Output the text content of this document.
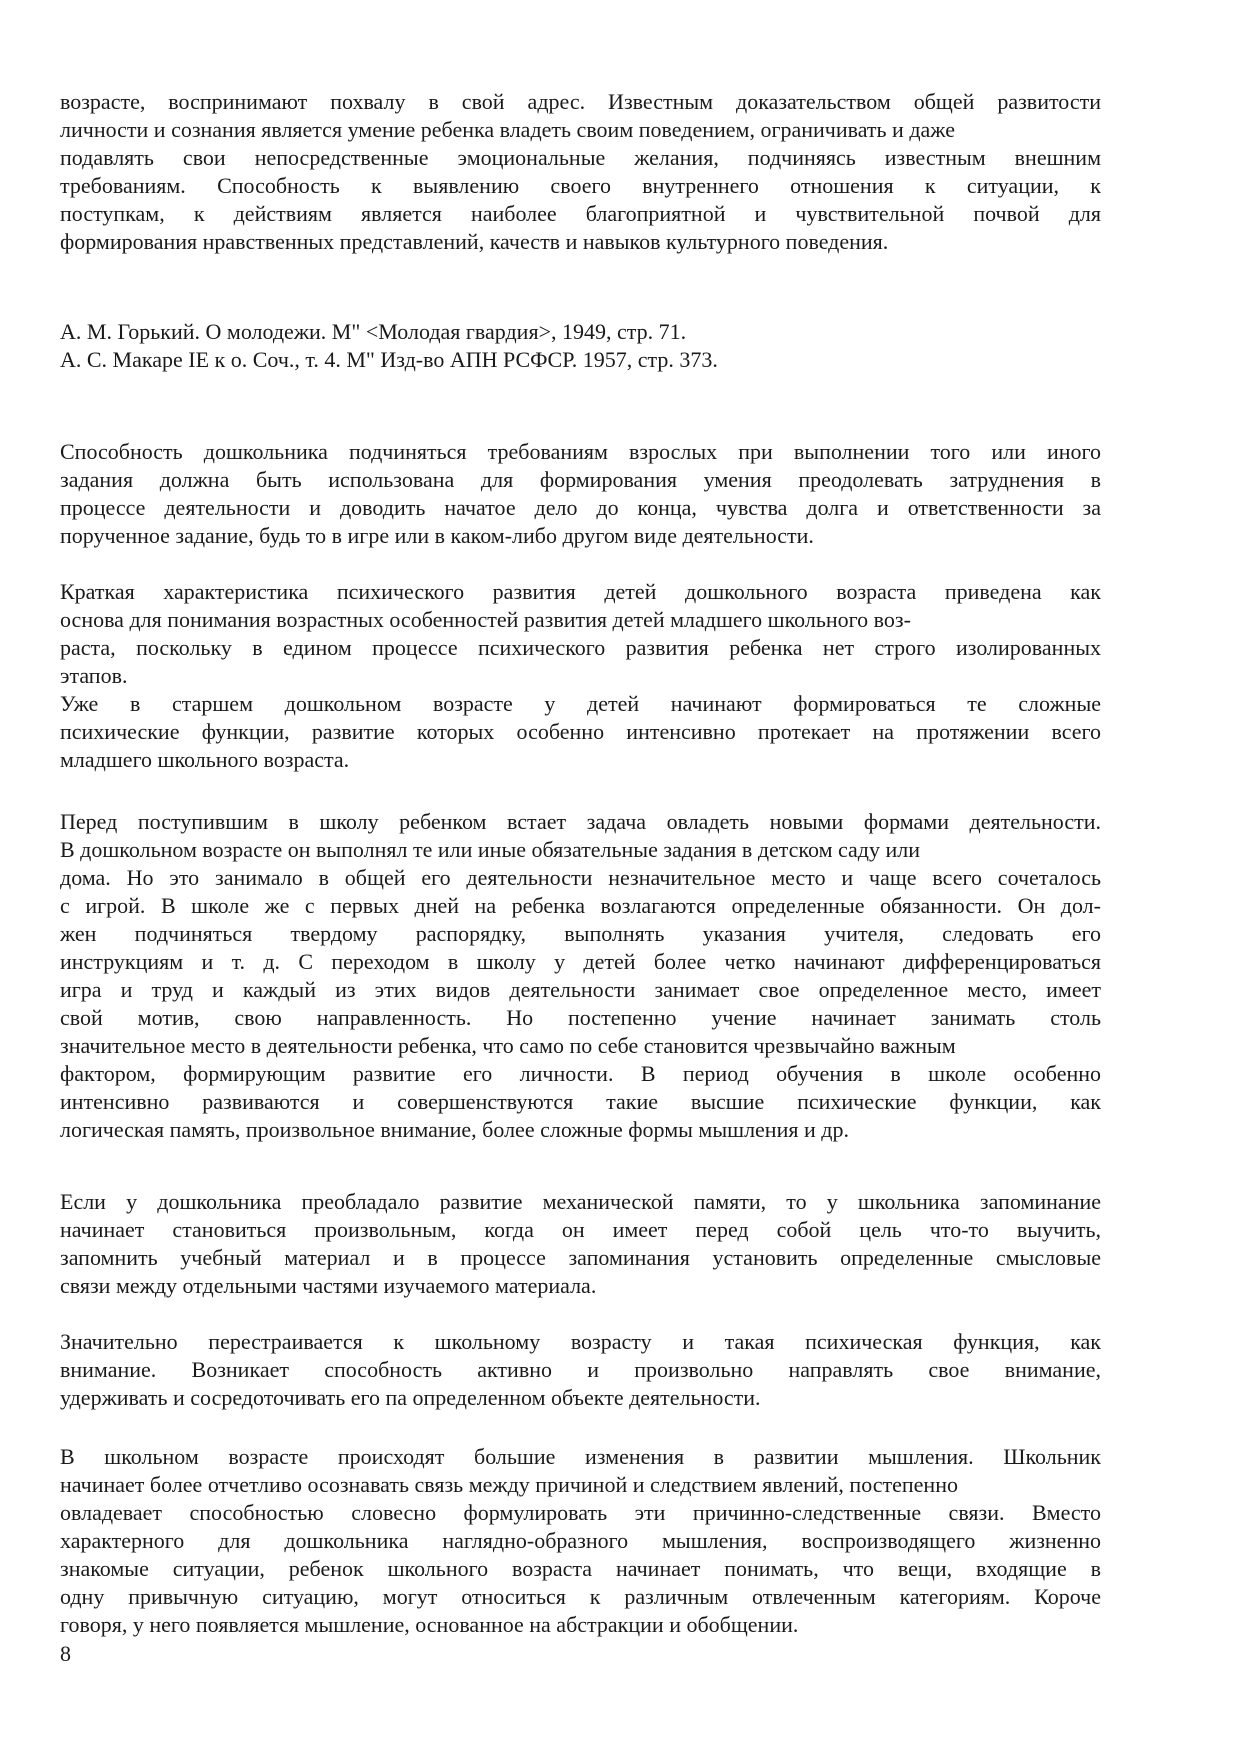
возрасте, воспринимают похвалу в свой адрес. Известным доказательством общей развитости
личности и сознания является умение ребенка владеть своим поведением, ограничивать и даже
подавлять свои непосредственные эмоциональные желания, подчиняясь известным внешним
требованиям. Способность к выявлению своего внутреннего отношения к ситуации, к
поступкам, к действиям является наиболее благоприятной и чувствительной почвой для
формирования нравственных представлений, качеств и навыков культурного поведения.
А. М. Горький. О молодежи. М" <Молодая гвардия>, 1949, стр. 71.
А. С. Макаре IЕ к о. Соч., т. 4. М" Изд-во АПН РСФСР. 1957, стр. 373.
Способность дошкольника подчиняться требованиям взрослых при выполнении того или иного
задания должна быть использована для формирования умения преодолевать затруднения в
процессе деятельности и доводить начатое дело до конца, чувства долга и ответственности за
порученное задание, будь то в игре или в каком-либо другом виде деятельности.
Краткая характеристика психического развития детей дошкольного возраста приведена как
основа для понимания возрастных особенностей развития детей младшего школьного воз-
раста, поскольку в едином процессе психического развития ребенка нет строго изолированных
этапов.
Уже в старшем дошкольном возрасте у детей начинают формироваться те сложные
психические функции, развитие которых особенно интенсивно протекает на протяжении всего
младшего школьного возраста.
Перед поступившим в школу ребенком встает задача овладеть новыми формами деятельности.
В дошкольном возрасте он выполнял те или иные обязательные задания в детском саду или
дома. Но это занимало в общей его деятельности незначительное место и чаще всего сочеталось
с игрой. В школе же с первых дней на ребенка возлагаются определенные обязанности. Он дол-
жен подчиняться твердому распорядку, выполнять указания учителя, следовать его
инструкциям и т. д. С переходом в школу у детей более четко начинают дифференцироваться
игра и труд и каждый из этих видов деятельности занимает свое определенное место, имеет
свой мотив, свою направленность. Но постепенно учение начинает занимать столь
значительное место в деятельности ребенка, что само по себе становится чрезвычайно важным
фактором, формирующим развитие его личности. В период обучения в школе особенно
интенсивно развиваются и совершенствуются такие высшие психические функции, как
логическая память, произвольное внимание, более сложные формы мышления и др.
Если у дошкольника преобладало развитие механической памяти, то у школьника запоминание
начинает становиться произвольным, когда он имеет перед собой цель что-то выучить,
запомнить учебный материал и в процессе запоминания установить определенные смысловые
связи между отдельными частями изучаемого материала.
Значительно перестраивается к школьному возрасту и такая психическая функция, как
внимание. Возникает способность активно и произвольно направлять свое внимание,
удерживать и сосредоточивать его па определенном объекте деятельности.
В школьном возрасте происходят большие изменения в развитии мышления. Школьник
начинает более отчетливо осознавать связь между причиной и следствием явлений, постепенно
овладевает способностью словесно формулировать эти причинно-следственные связи. Вместо
характерного для дошкольника наглядно-образного мышления, воспроизводящего жизненно
знакомые ситуации, ребенок школьного возраста начинает понимать, что вещи, входящие в
одну привычную ситуацию, могут относиться к различным отвлеченным категориям. Короче
говоря, у него появляется мышление, основанное на абстракции и обобщении.
8
